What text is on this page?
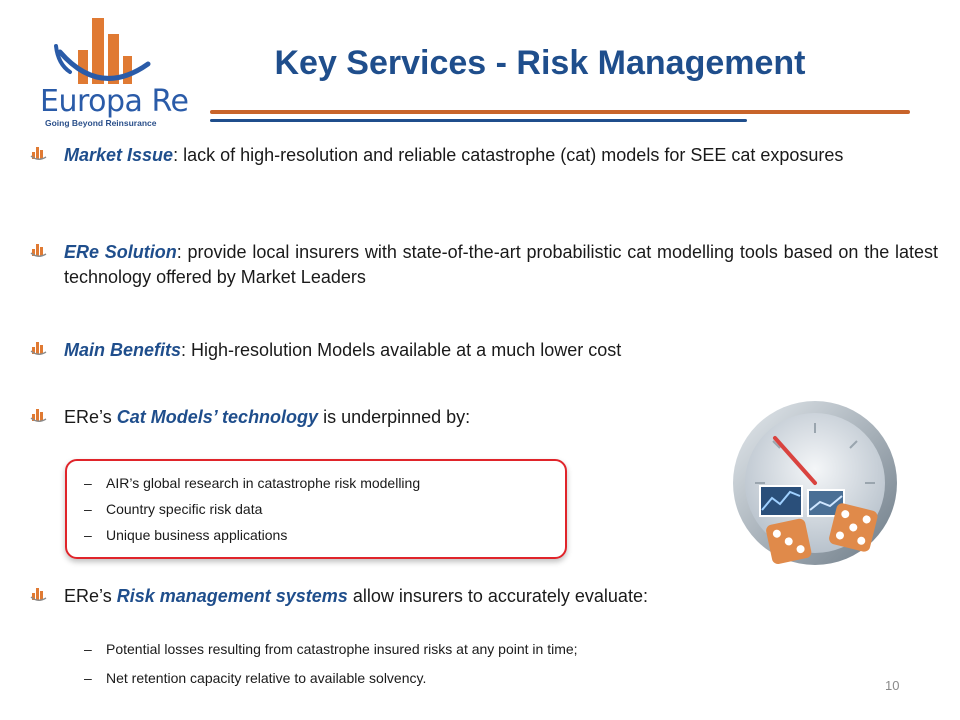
Europa Re
Going Beyond Reinsurance
Key Services - Risk Management
Market Issue: lack of high-resolution and reliable catastrophe (cat) models for SEE cat exposures
ERe Solution: provide local insurers with state-of-the-art probabilistic cat modelling tools based on the latest technology offered by Market Leaders
Main Benefits: High-resolution Models available at a much lower cost
ERe’s Cat Models’ technology is underpinned by:
– AIR’s global research in catastrophe risk modelling
– Country specific risk data
– Unique business applications
ERe’s Risk management systems allow insurers to accurately evaluate:
– Potential losses resulting from catastrophe insured risks at any point in time;
– Net retention capacity relative to available solvency.	10
